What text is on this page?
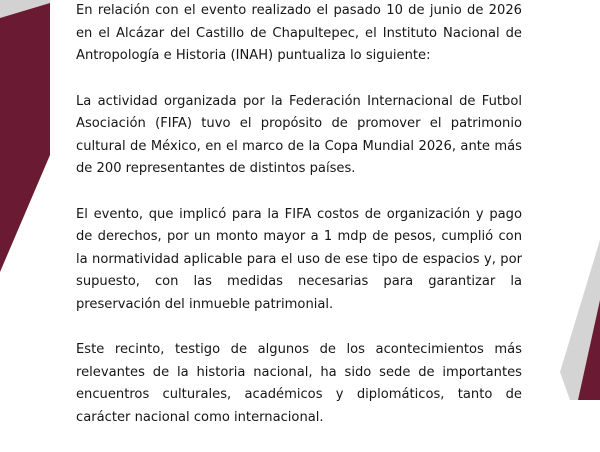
En relación con el evento realizado el pasado 10 de junio de 2026 en el Alcázar del Castillo de Chapultepec, el Instituto Nacional de Antropología e Historia (INAH) puntualiza lo siguiente:

La actividad organizada por la Federación Internacional de Futbol Asociación (FIFA) tuvo el propósito de promover el patrimonio cultural de México, en el marco de la Copa Mundial 2026, ante más de 200 representantes de distintos países.

El evento, que implicó para la FIFA costos de organización y pago de derechos, por un monto mayor a 1 mdp de pesos, cumplió con la normatividad aplicable para el uso de ese tipo de espacios y, por supuesto, con las medidas necesarias para garantizar la preservación del inmueble patrimonial.

Este recinto, testigo de algunos de los acontecimientos más relevantes de la historia nacional, ha sido sede de importantes encuentros culturales, académicos y diplomáticos, tanto de carácter nacional como internacional.
